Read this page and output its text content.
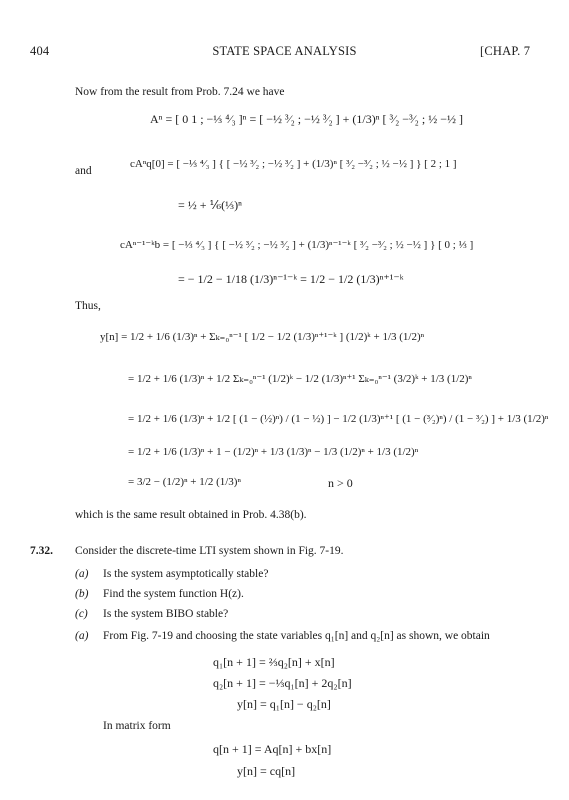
404	STATE SPACE ANALYSIS	[CHAP. 7
Now from the result from Prob. 7.24 we have
Aⁿ = [ 0 1 ; −⅓ ⁴⁄₃ ]ⁿ = [ −½ ³⁄₂ ; −½ ³⁄₂ ] + (1/3)ⁿ [ ³⁄₂ −³⁄₂ ; ½ −½ ]
and
cAⁿq[0] = [ −⅓ ⁴⁄₃ ] { [ −½ ³⁄₂ ; −½ ³⁄₂ ] + (1/3)ⁿ [ ³⁄₂ −³⁄₂ ; ½ −½ ] } [ 2 ; 1 ]
= ½ + ⅙(⅓)ⁿ
cAⁿ⁻¹⁻ᵏb = [ −⅓ ⁴⁄₃ ] { [ −½ ³⁄₂ ; −½ ³⁄₂ ] + (1/3)ⁿ⁻¹⁻ᵏ [ ³⁄₂ −³⁄₂ ; ½ −½ ] } [ 0 ; ⅓ ]
= − 1/2 − 1/18 (1/3)ⁿ⁻¹⁻ᵏ = 1/2 − 1/2 (1/3)ⁿ⁺¹⁻ᵏ
Thus,
y[n] = 1/2 + 1/6 (1/3)ⁿ + Σₖ₌₀ⁿ⁻¹ [ 1/2 − 1/2 (1/3)ⁿ⁺¹⁻ᵏ ] (1/2)ᵏ + 1/3 (1/2)ⁿ
= 1/2 + 1/6 (1/3)ⁿ + 1/2 Σₖ₌₀ⁿ⁻¹ (1/2)ᵏ − 1/2 (1/3)ⁿ⁺¹ Σₖ₌₀ⁿ⁻¹ (3/2)ᵏ + 1/3 (1/2)ⁿ
= 1/2 + 1/6 (1/3)ⁿ + 1/2 [ (1 − (½)ⁿ) / (1 − ½) ] − 1/2 (1/3)ⁿ⁺¹ [ (1 − (³⁄₂)ⁿ) / (1 − ³⁄₂) ] + 1/3 (1/2)ⁿ
= 1/2 + 1/6 (1/3)ⁿ + 1 − (1/2)ⁿ + 1/3 (1/3)ⁿ − 1/3 (1/2)ⁿ + 1/3 (1/2)ⁿ
= 3/2 − (1/2)ⁿ + 1/2 (1/3)ⁿ	n > 0
which is the same result obtained in Prob. 4.38(b).
7.32. Consider the discrete-time LTI system shown in Fig. 7-19.
(a) Is the system asymptotically stable?
(b) Find the system function H(z).
(c) Is the system BIBO stable?
(a) From Fig. 7-19 and choosing the state variables q₁[n] and q₂[n] as shown, we obtain
q₁[n + 1] = ⅔q₂[n] + x[n]
q₂[n + 1] = −⅓q₁[n] + 2q₂[n]
y[n] = q₁[n] − q₂[n]
In matrix form
q[n + 1] = Aq[n] + bx[n]
y[n] = cq[n]
